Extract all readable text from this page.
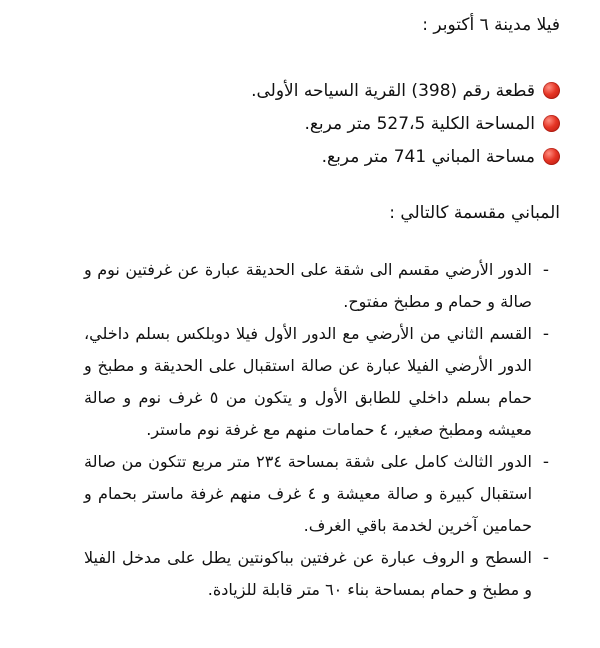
فيلا مدينة ٦ أكتوبر :
قطعة رقم (398) القرية السياحه الأولى.
المساحة الكلية 527،5 متر مربع.
مساحة المباني 741 متر مربع.
المباني مقسمة كالتالي :
-
الدور الأرضي مقسم الى شقة على الحديقة عبارة عن غرفتين نوم و صالة و حمام و مطبخ مفتوح.
-
القسم الثاني من الأرضي مع الدور الأول فيلا دوبلكس بسلم داخلي، الدور الأرضي الفيلا عبارة عن صالة استقبال على الحديقة و مطبخ و حمام بسلم داخلي للطابق الأول و يتكون من ٥ غرف نوم و صالة معيشه ومطبخ صغير، ٤ حمامات منهم مع غرفة نوم ماستر.
-
الدور الثالث كامل على شقة بمساحة ٢٣٤ متر مربع تتكون من صالة استقبال كبيرة و صالة معيشة و ٤ غرف منهم غرفة ماستر بحمام و حمامين آخرين لخدمة باقي الغرف.
-
السطح و الروف عبارة عن غرفتين بباكونتين يطل على مدخل الفيلا و مطبخ و حمام بمساحة بناء ٦٠ متر قابلة للزيادة.
